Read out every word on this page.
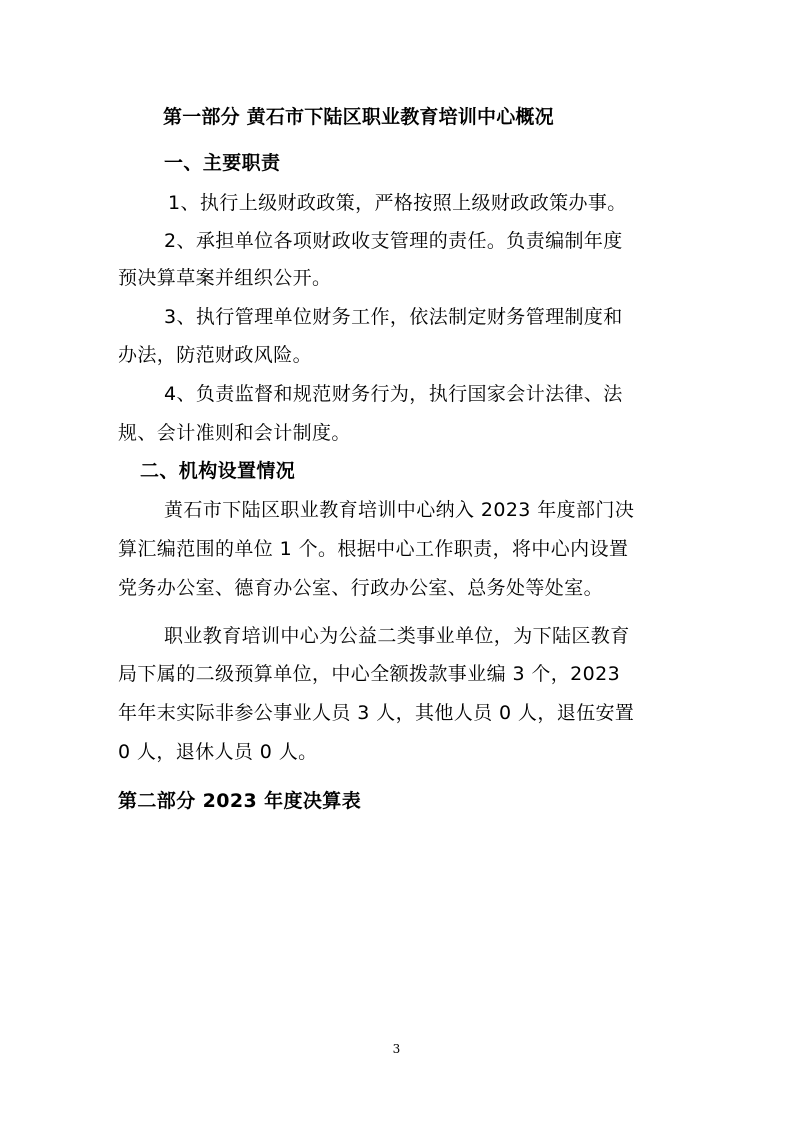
第一部分 黄石市下陆区职业教育培训中心概况
一、主要职责
1、执行上级财政政策，严格按照上级财政政策办事。
2、承担单位各项财政收支管理的责任。负责编制年度
预决算草案并组织公开。
3、执行管理单位财务工作，依法制定财务管理制度和
办法，防范财政风险。
4、负责监督和规范财务行为，执行国家会计法律、法
规、会计准则和会计制度。
二、机构设置情况
黄石市下陆区职业教育培训中心纳入 2023 年度部门决
算汇编范围的单位 1 个。根据中心工作职责，将中心内设置
党务办公室、德育办公室、行政办公室、总务处等处室。
职业教育培训中心为公益二类事业单位，为下陆区教育
局下属的二级预算单位，中心全额拨款事业编 3 个，2023
年年末实际非参公事业人员 3 人，其他人员 0 人，退伍安置
0 人，退休人员 0 人。
第二部分 2023 年度决算表
3
